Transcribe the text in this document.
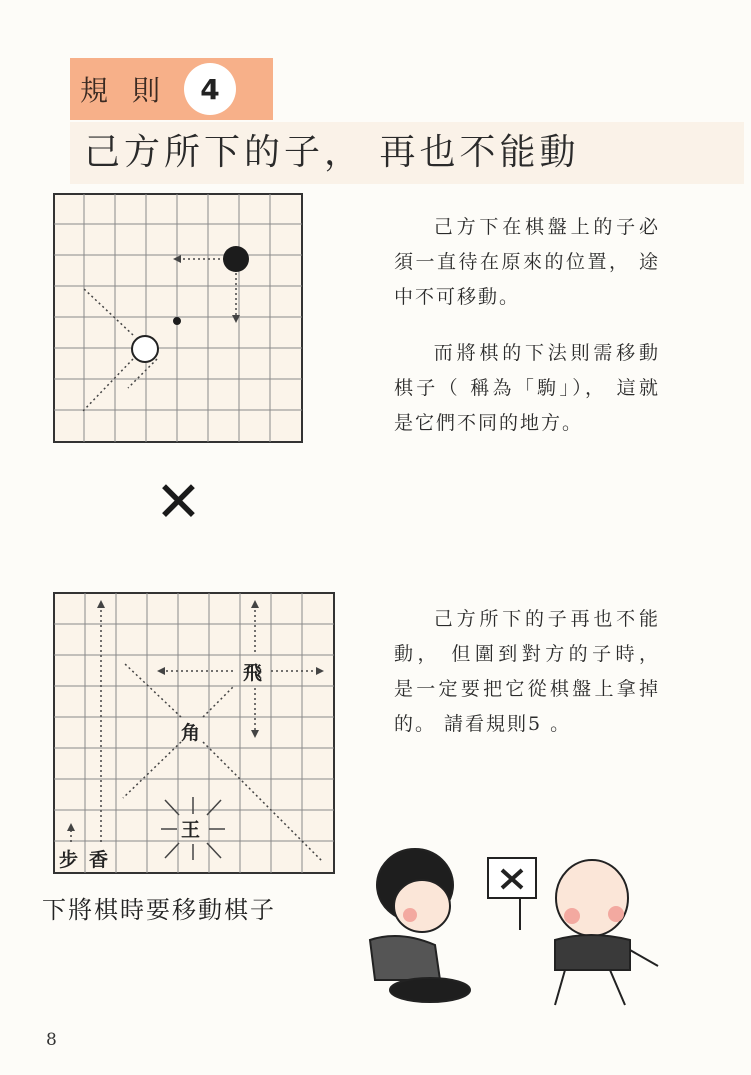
規 則	4
己方所下的子， 再也不能動
✕
己方下在棋盤上的子必須一直待在原來的位置， 途中不可移動。
而將棋的下法則需移動棋子（ 稱為「駒」）， 這就是它們不同的地方。
己方所下的子再也不能動， 但圍到對方的子時， 是一定要把它從棋盤上拿掉的。 請看規則5 。
飛
角
王
步 香
下將棋時要移動棋子
8
